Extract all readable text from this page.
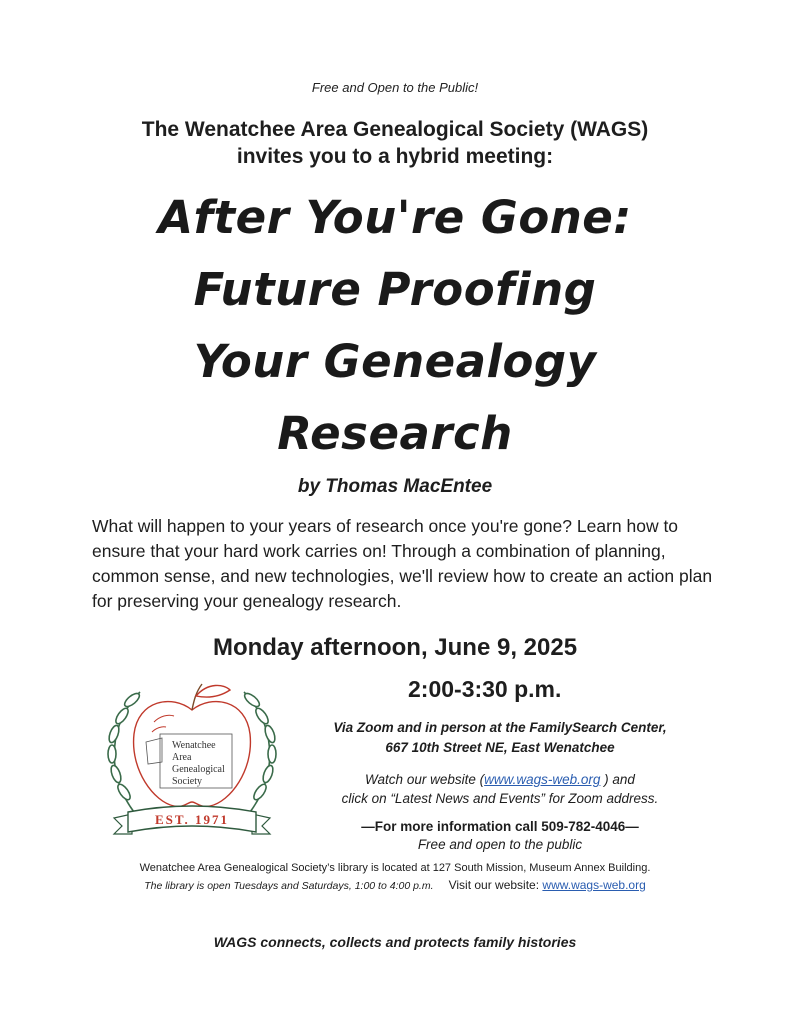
Free and Open to the Public!
The Wenatchee Area Genealogical Society (WAGS)
invites you to a hybrid meeting:
After You're Gone:
Future Proofing
Your Genealogy
Research
by Thomas MacEntee
What will happen to your years of research once you're gone? Learn how to ensure that your hard work carries on! Through a combination of planning, common sense, and new technologies, we'll review how to create an action plan for preserving your genealogy research.
Monday afternoon, June 9, 2025
2:00-3:30 p.m.
Wenatchee
Area
Genealogical
Society
EST. 1971
Via Zoom and in person at the FamilySearch Center,
667 10th Street NE, East Wenatchee
Watch our website (www.wags-web.org ) and
click on “Latest News and Events” for Zoom address.
—For more information call 509-782-4046—
Free and open to the public
Wenatchee Area Genealogical Society’s library is located at 127 South Mission, Museum Annex Building.
The library is open Tuesdays and Saturdays, 1:00 to 4:00 p.m. Visit our website: www.wags-web.org
WAGS connects, collects and protects family histories
